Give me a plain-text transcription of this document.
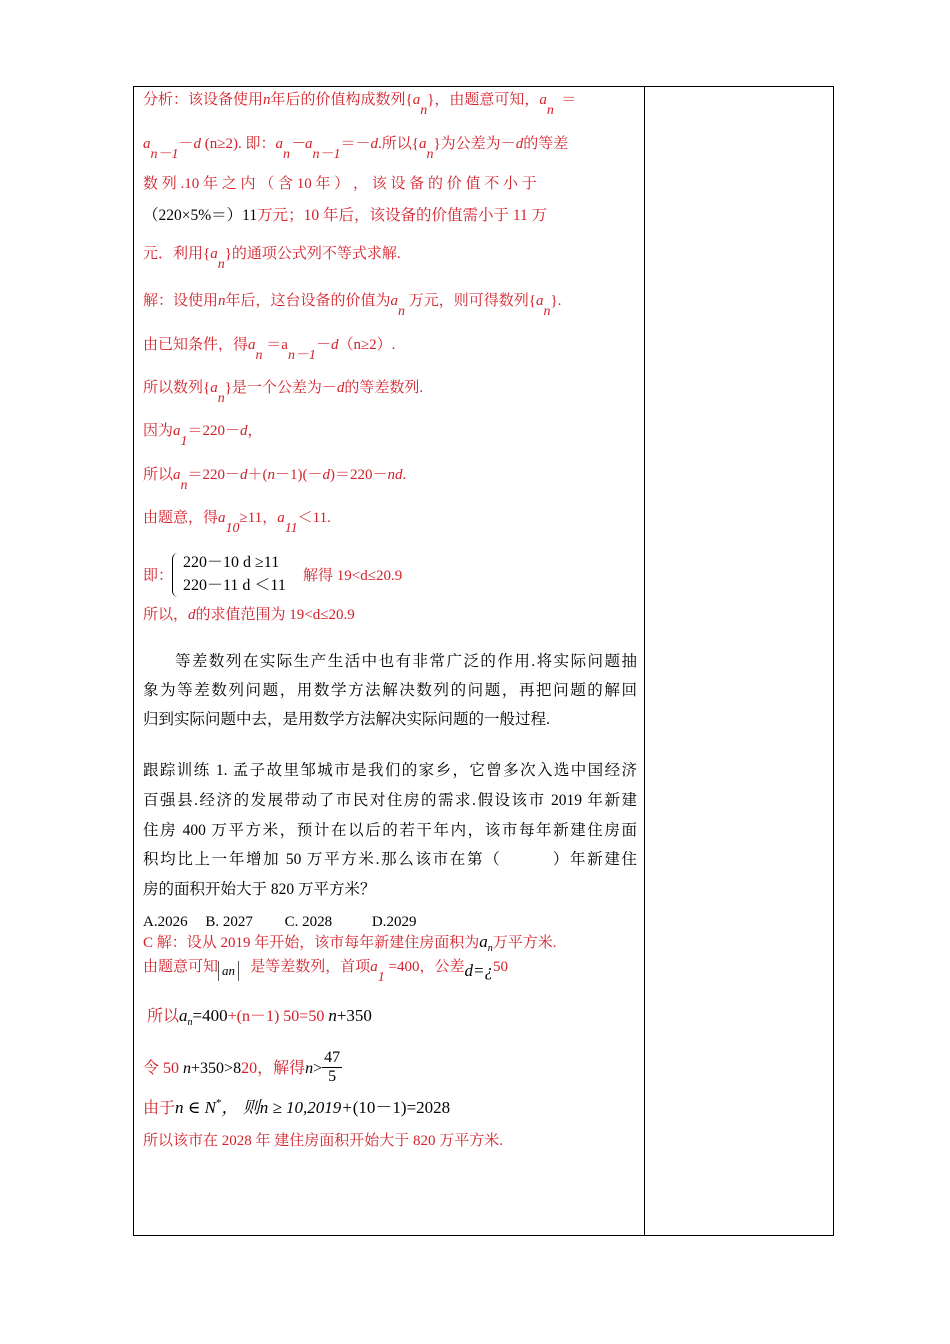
分析：该设备使用n年后的价值构成数列{an}，由题意可知，an  ＝
an－1－d (n≥2). 即：an－an－1＝－d.所以{an}为公差为－d的等差
数 列 .10 年 之 内 （ 含 10 年 ） ， 该 设 备 的 价 值 不 小 于
（220×5%＝）11万元；10 年后，该设备的价值需小于 11 万
元．利用{an}的通项公式列不等式求解.
解：设使用n年后，这台设备的价值为an 万元，则可得数列{an}.
由已知条件，得an ＝an－1－d（n≥2）.
所以数列{an}是一个公差为－d的等差数列.
因为a1＝220－d，
所以an＝220－d＋(n－1)(－d)＝220－nd.
由题意，得a10≥11，a11＜11.
即：
220－10 d ≥11
220－11 d ＜11
解得 19<d≤20.9
所以，d的求值范围为 19<d≤20.9
等差数列在实际生产生活中也有非常广泛的作用.将实际问题抽
象为等差数列问题，用数学方法解决数列的问题，再把问题的解回
归到实际问题中去，是用数学方法解决实际问题的一般过程.
跟踪训练 1. 孟子故里邹城市是我们的家乡，它曾多次入选中国经济
百强县.经济的发展带动了市民对住房的需求.假设该市 2019 年新建
住房 400 万平方米，预计在以后的若干年内，该市每年新建住房面
积均比上一年增加 50 万平方米.那么该市在第（　　　）年新建住
房的面积开始大于 820 万平方米？
A.2026 B. 2027 C. 2028	D.2029
C 解：设从 2019 年开始，该市每年新建住房面积为$a_n$万平方米.
由题意可知 an 是等差数列，首项a1 =400，公差d=¿50
所以$a_n=400+(n-1)$ 50=50 n+350
令 50 n+350>820，解得$n> \frac{47}{5}$
由于n ∈ N*， 则n ≥ 10,2019+(10－1)=2028
所以该市在 2028 年 建住房面积开始大于 820 万平方米.
